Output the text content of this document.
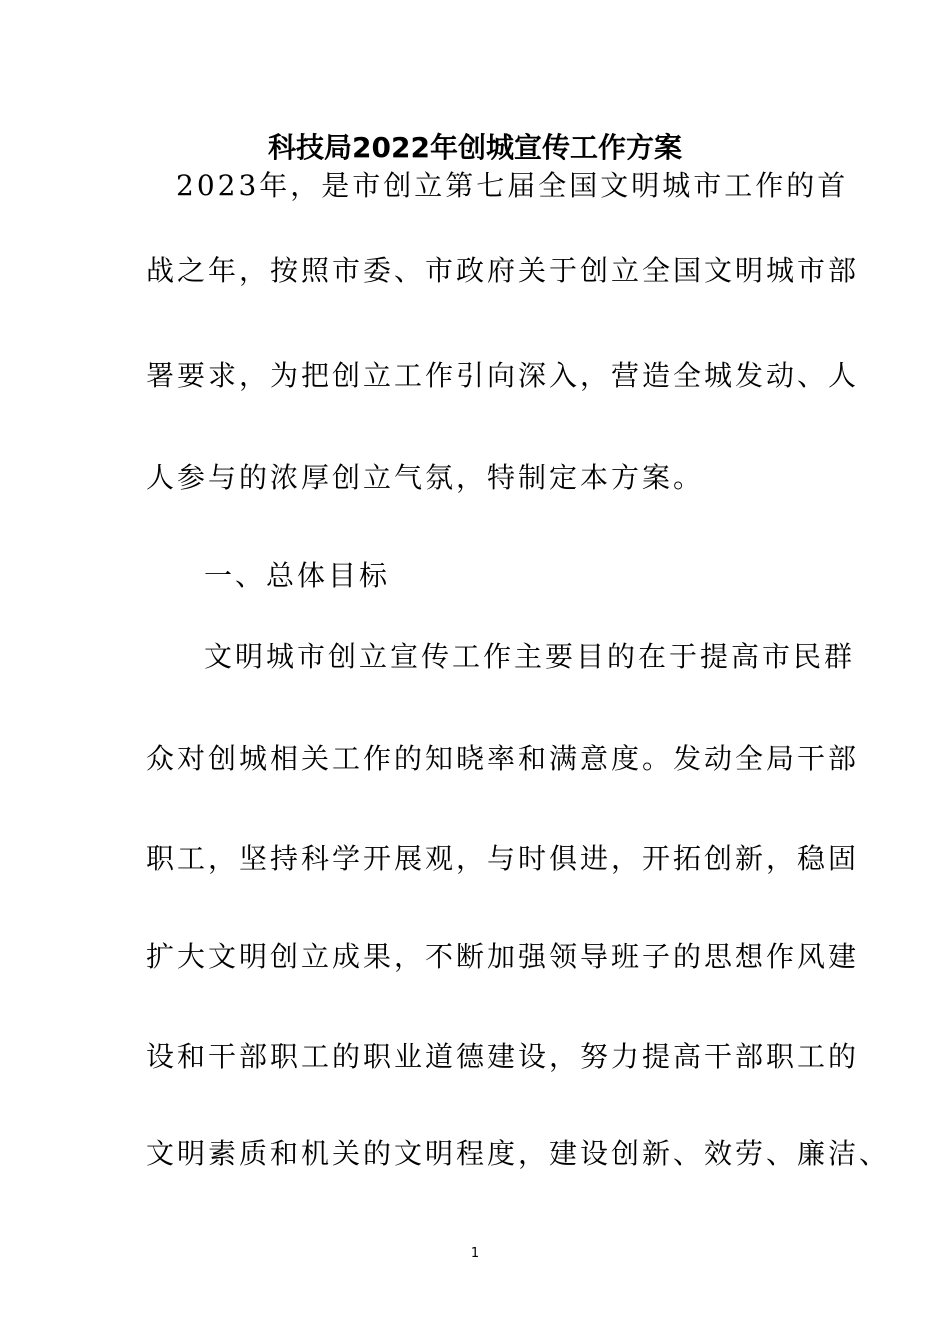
科技局2022年创城宣传工作方案
2023年，是市创立第七届全国文明城市工作的首
战之年，按照市委、市政府关于创立全国文明城市部
署要求，为把创立工作引向深入，营造全城发动、人
人参与的浓厚创立气氛，特制定本方案。
一、总体目标
文明城市创立宣传工作主要目的在于提高市民群
众对创城相关工作的知晓率和满意度。发动全局干部
职工，坚持科学开展观，与时俱进，开拓创新，稳固
扩大文明创立成果，不断加强领导班子的思想作风建
设和干部职工的职业道德建设，努力提高干部职工的
文明素质和机关的文明程度，建设创新、效劳、廉洁、
1
